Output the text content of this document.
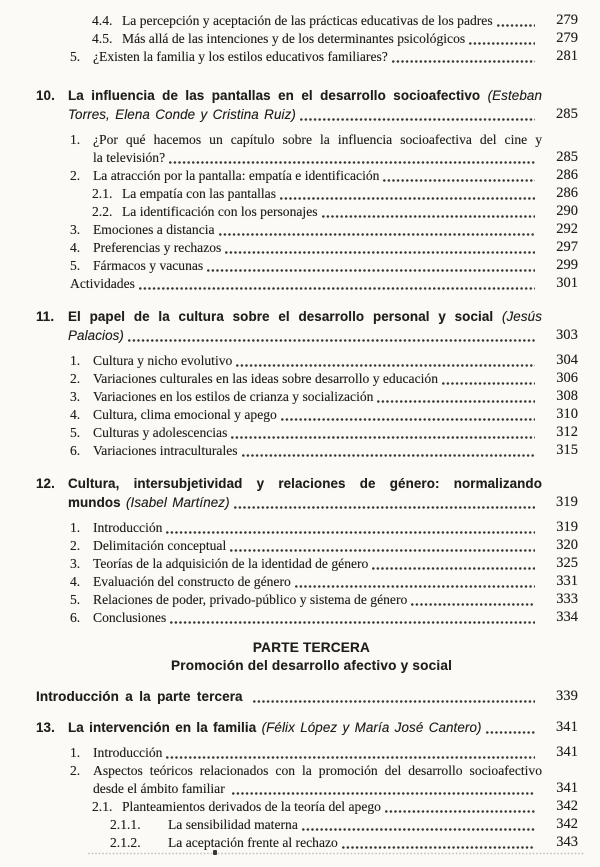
4.4. La percepción y aceptación de las prácticas educativas de los padres	279
4.5. Más allá de las intenciones y de los determinantes psicológicos	279
5. ¿Existen la familia y los estilos educativos familiares?	281
10. La influencia de las pantallas en el desarrollo socioafectivo (Esteban
Torres, Elena Conde y Cristina Ruiz)	285
1. ¿Por qué hacemos un capítulo sobre la influencia socioafectiva del cine y
la televisión?	285
2. La atracción por la pantalla: empatía e identificación	286
2.1. La empatía con las pantallas	286
2.2. La identificación con los personajes	290
3. Emociones a distancia	292
4. Preferencias y rechazos	297
5. Fármacos y vacunas	299
Actividades	301
11.	El papel de la cultura sobre el desarrollo personal y social (Jesús
Palacios)	303
1. Cultura y nicho evolutivo	304
2. Variaciones culturales en las ideas sobre desarrollo y educación	306
3. Variaciones en los estilos de crianza y socialización	308
4. Cultura, clima emocional y apego	310
5. Culturas y adolescencias	312
6. Variaciones intraculturales	315
12. Cultura, intersubjetividad y relaciones de género: normalizando
mundos (Isabel Martínez)	319
1. Introducción	319
2. Delimitación conceptual	320
3. Teorías de la adquisición de la identidad de género	325
4. Evaluación del constructo de género	331
5. Relaciones de poder, privado-público y sistema de género	333
6. Conclusiones	334
PARTE TERCERA
Promoción del desarrollo afectivo y social
Introducción a la parte tercera	339
13. La intervención en la familia (Félix López y María José Cantero)	341
1. Introducción	341
2. Aspectos teóricos relacionados con la promoción del desarrollo socioafectivo
desde el ámbito familiar	341
2.1. Planteamientos derivados de la teoría del apego	342
2.1.1.	La sensibilidad materna	342
2.1.2.	La aceptación frente al rechazo	343
